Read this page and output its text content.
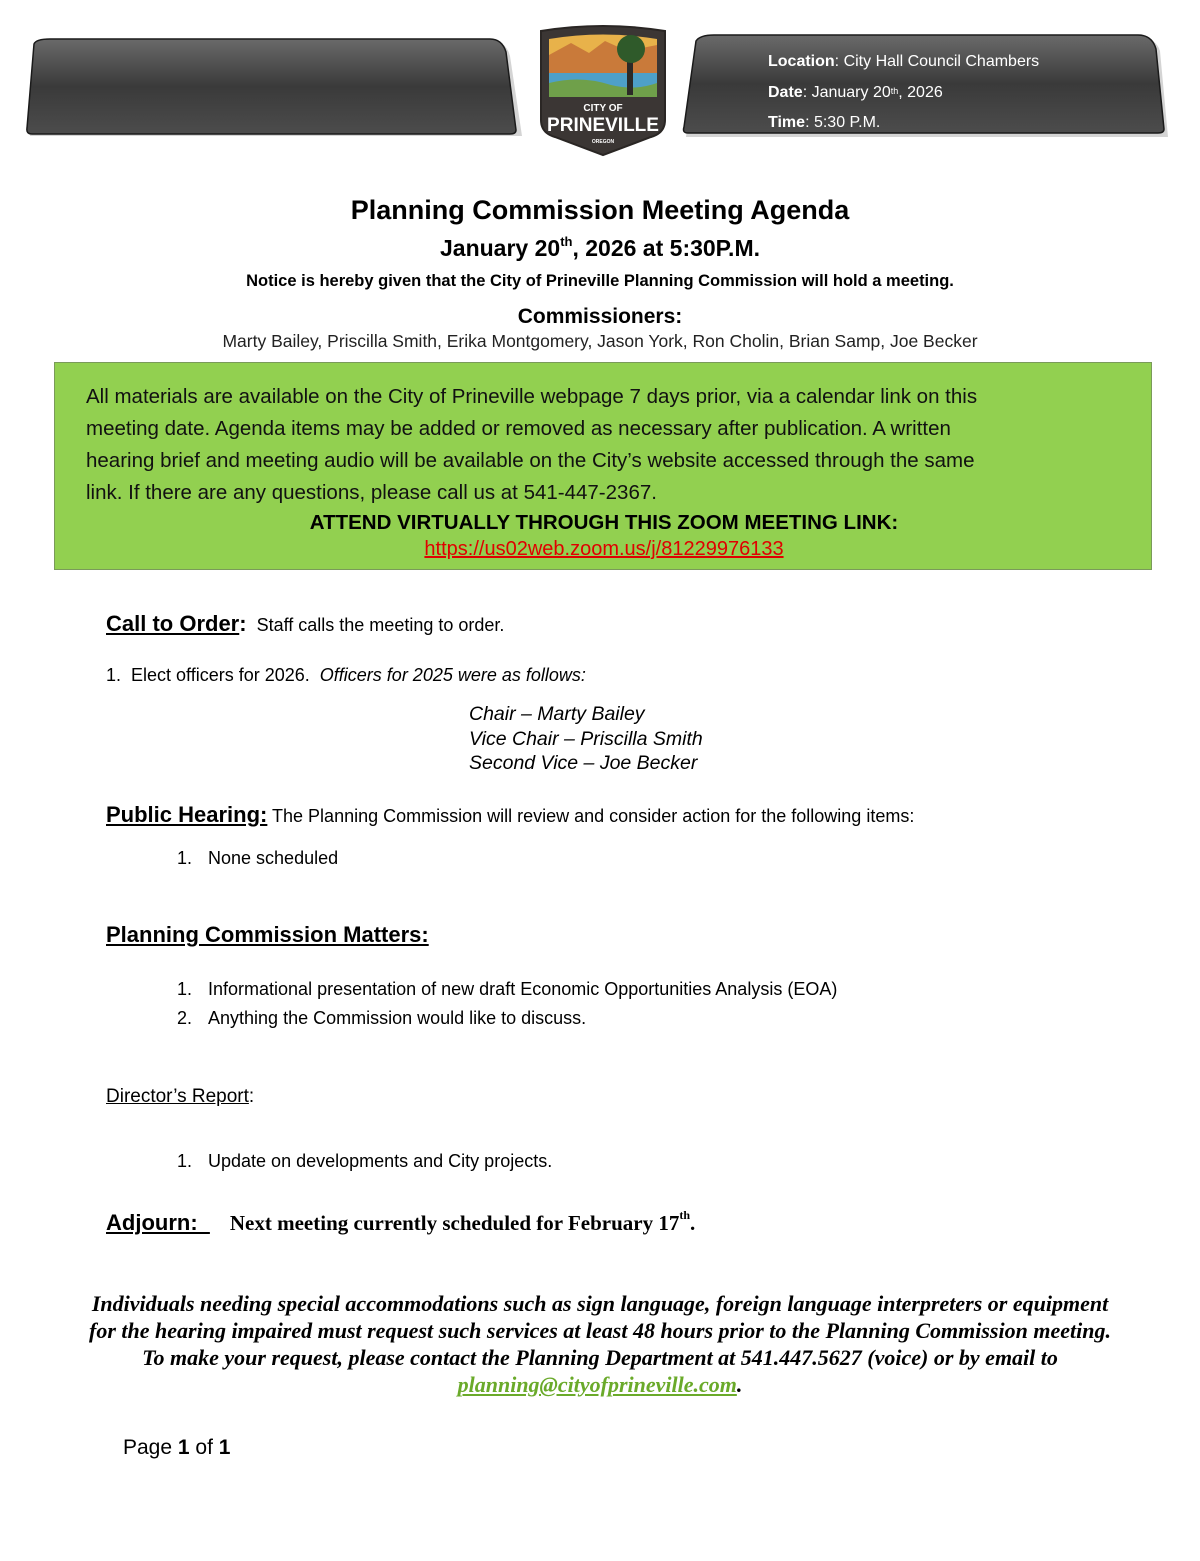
CITY OF
PRINEVILLE
OREGON
Location: City Hall Council Chambers
Date: January 20th, 2026
Time: 5:30 P.M.
Planning Commission Meeting Agenda
January 20th, 2026 at 5:30P.M.
Notice is hereby given that the City of Prineville Planning Commission will hold a meeting.
Commissioners:
Marty Bailey, Priscilla Smith, Erika Montgomery, Jason York, Ron Cholin, Brian Samp, Joe Becker
All materials are available on the City of Prineville webpage 7 days prior, via a calendar link on this
meeting date. Agenda items may be added or removed as necessary after publication. A written
hearing brief and meeting audio will be available on the City’s website accessed through the same
link. If there are any questions, please call us at 541-447-2367.
ATTEND VIRTUALLY THROUGH THIS ZOOM MEETING LINK:
https://us02web.zoom.us/j/81229976133
Call to Order:  Staff calls the meeting to order.
1. Elect officers for 2026.  Officers for 2025 were as follows:
Chair – Marty Bailey
Vice Chair – Priscilla Smith
Second Vice – Joe Becker
Public Hearing: The Planning Commission will review and consider action for the following items:
1. None scheduled
Planning Commission Matters:
1. Informational presentation of new draft Economic Opportunities Analysis (EOA)
2. Anything the Commission would like to discuss.
Director’s Report:
1. Update on developments and City projects.
Adjourn:  Next meeting currently scheduled for February 17th.
Individuals needing special accommodations such as sign language, foreign language interpreters or equipment for the hearing impaired must request such services at least 48 hours prior to the Planning Commission meeting. To make your request, please contact the Planning Department at 541.447.5627 (voice) or by email to planning@cityofprineville.com.
Page 1 of 1
